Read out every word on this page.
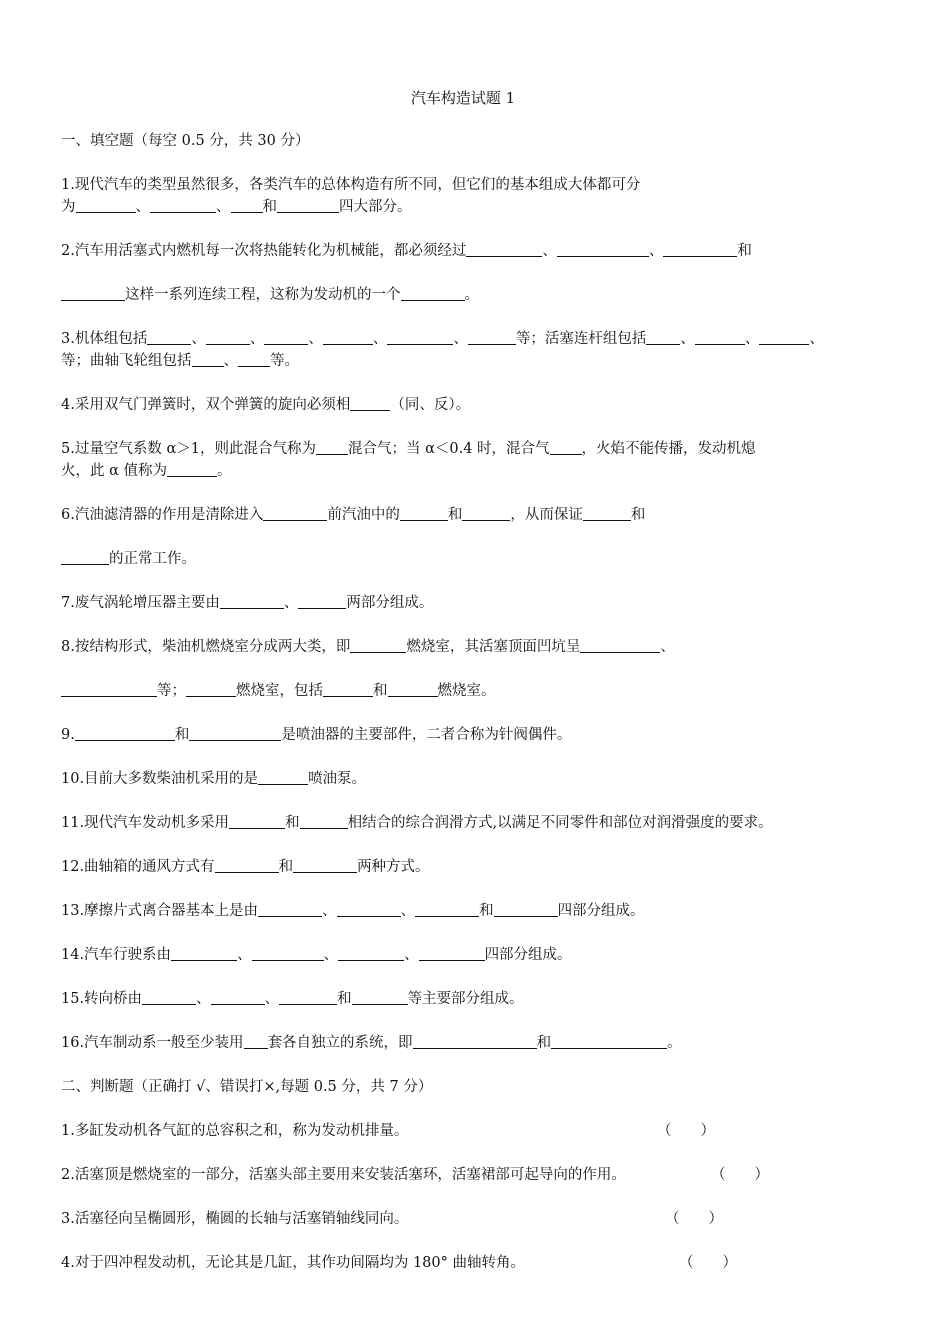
汽车构造试题 1
一、填空题（每空 0.5 分，共 30 分）
1.现代汽车的类型虽然很多，各类汽车的总体构造有所不同，但它们的基本组成大体都可分
为	、	、 和	四大部分。
2.汽车用活塞式内燃机每一次将热能转化为机械能，都必须经过	、	、	和
这样一系列连续工程，这称为发动机的一个	。
3.机体组包括	、	、	、	、	、	等；活塞连杆组包括 、	、	、
等；曲轴飞轮组包括 、 等。
4.采用双气门弹簧时，双个弹簧的旋向必须相	（同、反）。
5.过量空气系数 α＞1，则此混合气称为 混合气；当 α＜0.4 时，混合气 ，火焰不能传播，发动机熄
火，此 α 值称为	。
6.汽油滤清器的作用是清除进入	前汽油中的	和	，从而保证	和
的正常工作。
7.废气涡轮增压器主要由	、	两部分组成。
8.按结构形式，柴油机燃烧室分成两大类，即	燃烧室，其活塞顶面凹坑呈	、
等；	燃烧室，包括	和	燃烧室。
9.	和	是喷油器的主要部件，二者合称为针阀偶件。
10.目前大多数柴油机采用的是	喷油泵。
11.现代汽车发动机多采用	和	相结合的综合润滑方式,以满足不同零件和部位对润滑强度的要求。
12.曲轴箱的通风方式有	和	两种方式。
13.摩擦片式离合器基本上是由	、	、	和	四部分组成。
14.汽车行驶系由	、	、	、	四部分组成。
15.转向桥由	、	、	和	等主要部分组成。
16.汽车制动系一般至少装用 套各自独立的系统，即	和	。
二、判断题（正确打 √、错误打×,每题 0.5 分，共 7 分）
1.多缸发动机各气缸的总容积之和，称为发动机排量。	（　　）
2.活塞顶是燃烧室的一部分，活塞头部主要用来安装活塞环，活塞裙部可起导向的作用。	（　　）
3.活塞径向呈椭圆形，椭圆的长轴与活塞销轴线同向。	（　　）
4.对于四冲程发动机，无论其是几缸，其作功间隔均为 180° 曲轴转角。	（　　）
